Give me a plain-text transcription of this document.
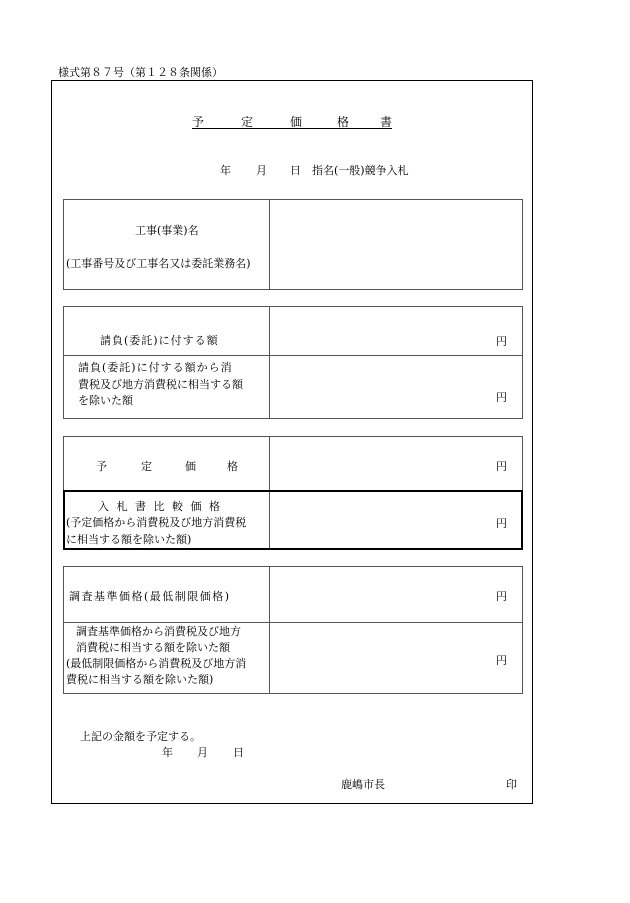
様式第８７号（第１２８条関係）
予	定	価	格	書
年 月 日 指名(一般)競争入札
工事(事業)名
(工事番号及び工事名又は委託業務名)
請負(委託)に付する額	円
請負(委託)に付する額から消
費税及び地方消費税に相当する額
を除いた額	円
予	定	価	格	円
入 札 書 比 較 価 格
(予定価格から消費税及び地方消費税
に相当する額を除いた額)
円
調査基準価格(最低制限価格)	円
調査基準価格から消費税及び地方
消費税に相当する額を除いた額
(最低制限価格から消費税及び地方消
費税に相当する額を除いた額)
円
上記の金額を予定する。
年 月 日
鹿嶋市長	印
